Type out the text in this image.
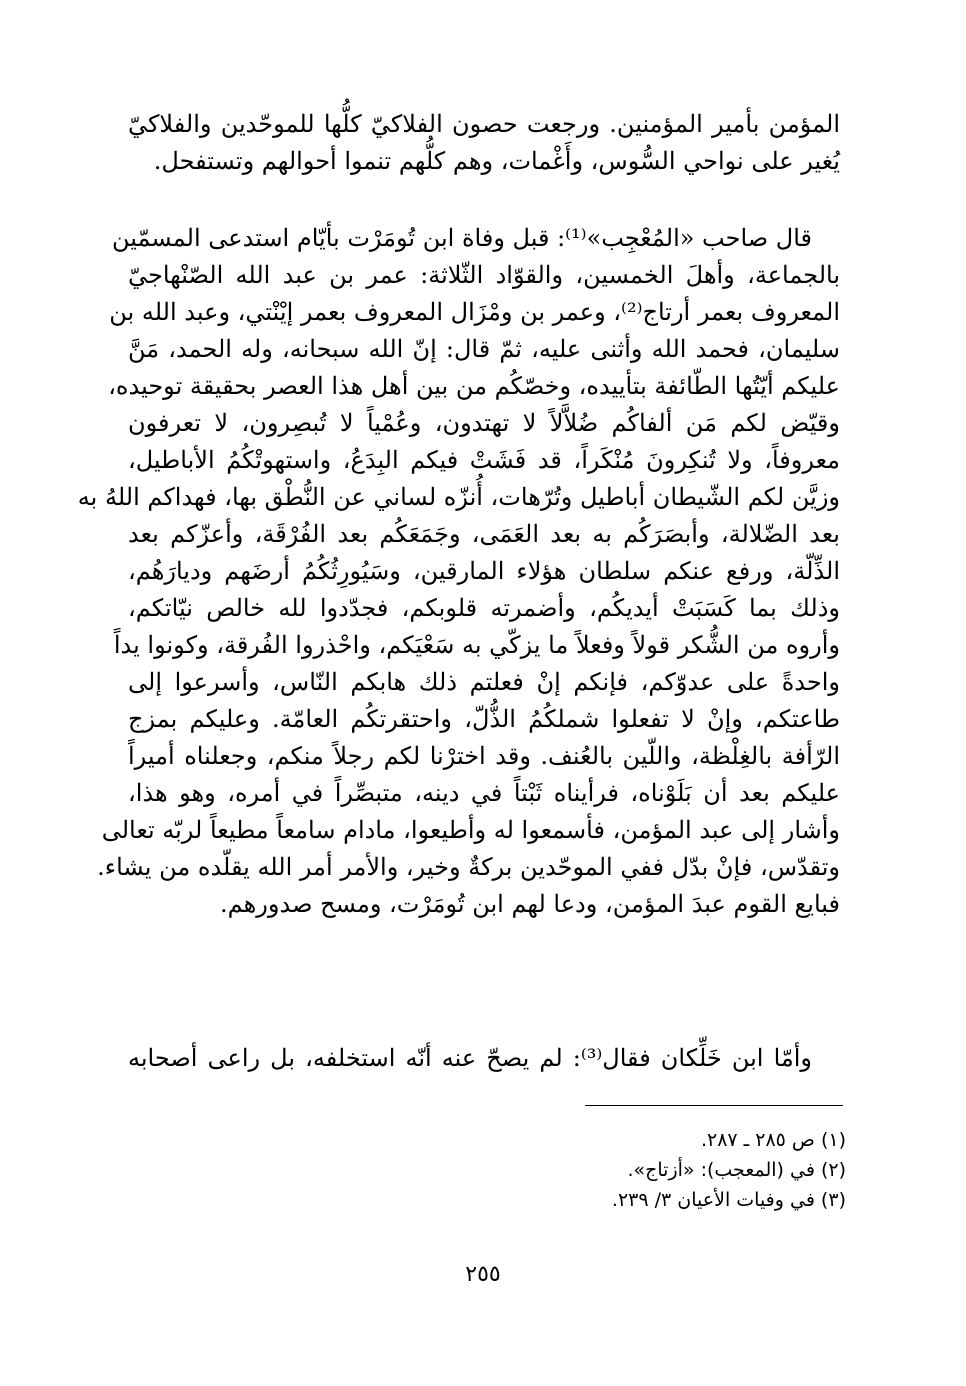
المؤمن بأمير المؤمنين. ورجعت حصون الفلاكيّ كلُّها للموحّدين والفلاكيّ
يُغير على نواحي السُّوس، وأَغْمات، وهم كلُّهم تنموا أحوالهم وتستفحل.
قال صاحب «المُعْجِب»⁽¹⁾: قبل وفاة ابن تُومَرْت بأيّام استدعى المسمّين
بالجماعة، وأهلَ الخمسين، والقوّاد الثّلاثة: عمر بن عبد الله الصّنْهاجيّ
المعروف بعمر أرتاج⁽²⁾، وعمر بن ومْزَال المعروف بعمر إيْنْتي، وعبد الله بن
سليمان، فحمد الله وأثنى عليه، ثمّ قال: إنّ الله سبحانه، وله الحمد، مَنَّ
عليكم أيّتُها الطّائفة بتأييده، وخصّكُم من بين أهل هذا العصر بحقيقة توحيده،
وقيّض لكم مَن ألفاكُم ضُلاَّلاً لا تهتدون، وعُمْياً لا تُبصِرون، لا تعرفون
معروفاً، ولا تُنكِرونَ مُنْكَراً، قد فَشَتْ فيكم البِدَعُ، واستهوتْكُمُ الأباطيل،
وزيَّن لكم الشّيطان أباطيل وتُرّهات، أُنزّه لساني عن النُّطْق بها، فهداكم اللهُ به
بعد الضّلالة، وأبصَرَكُم به بعد العَمَى، وجَمَعَكُم بعد الفُرْقَة، وأعزّكم بعد
الذِّلّة، ورفع عنكم سلطان هؤلاء المارقين، وسَيُورِثُكُمُ أرضَهم وديارَهُم،
وذلك بما كَسَبَتْ أيديكُم، وأضمرته قلوبكم، فجدّدوا لله خالص نيّاتكم،
وأروه من الشُّكر قولاً وفعلاً ما يزكّي به سَعْيَكم، واحْذروا الفُرقة، وكونوا يداً
واحدةً على عدوّكم، فإنكم إنْ فعلتم ذلك هابكم النّاس، وأسرعوا إلى
طاعتكم، وإنْ لا تفعلوا شملكُمُ الذُّلّ، واحتقرتكُم العامّة. وعليكم بمزج
الرّأفة بالغِلْظة، واللّين بالعُنف. وقد اخترْنا لكم رجلاً منكم، وجعلناه أميراً
عليكم بعد أن بَلَوْناه، فرأيناه ثَبْتاً في دينه، متبصِّراً في أمره، وهو هذا،
وأشار إلى عبد المؤمن، فأسمعوا له وأطيعوا، مادام سامعاً مطيعاً لربّه تعالى
وتقدّس، فإنْ بدّل ففي الموحّدين بركةٌ وخير، والأمر أمر الله يقلّده من يشاء.
فبايع القوم عبدَ المؤمن، ودعا لهم ابن تُومَرْت، ومسح صدورهم.
وأمّا ابن خَلِّكان فقال⁽³⁾: لم يصحّ عنه أنّه استخلفه، بل راعى أصحابه
(١) ص ٢٨٥ ـ ٢٨٧.
(٢) في (المعجب): «أزتاج».
(٣) في وفيات الأعيان ٣/ ٢٣٩.
٢٥٥
